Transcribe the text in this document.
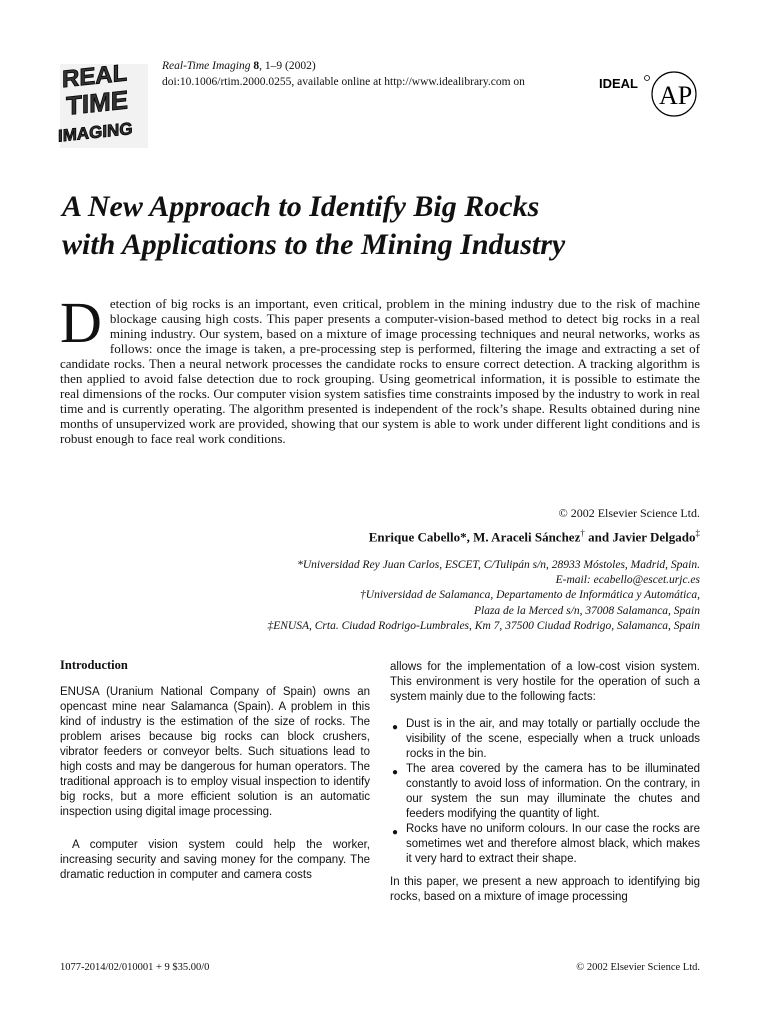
REAL
TIME
IMAGING
Real-Time Imaging 8, 1–9 (2002)
doi:10.1006/rtim.2000.0255, available online at http://www.idealibrary.com on	IDEAL AP
A New Approach to Identify Big Rocks
with Applications to the Mining Industry
Detection of big rocks is an important, even critical, problem in the mining industry due to the risk of machine blockage causing high costs. This paper presents a computer-vision-based method to detect big rocks in a real mining industry. Our system, based on a mixture of image processing techniques and neural networks, works as follows: once the image is taken, a pre-processing step is performed, filtering the image and extracting a set of candidate rocks. Then a neural network processes the candidate rocks to ensure correct detection. A tracking algorithm is then applied to avoid false detection due to rock grouping. Using geometrical information, it is possible to estimate the real dimensions of the rocks. Our computer vision system satisfies time constraints imposed by the industry to work in real time and is currently operating. The algorithm presented is independent of the rock’s shape. Results obtained during nine months of unsupervized work are provided, showing that our system is able to work under different light conditions and is robust enough to face real work conditions.
© 2002 Elsevier Science Ltd.
Enrique Cabello*, M. Araceli Sánchez† and Javier Delgado‡
*Universidad Rey Juan Carlos, ESCET, C/Tulipán s/n, 28933 Móstoles, Madrid, Spain.
E-mail: ecabello@escet.urjc.es
†Universidad de Salamanca, Departamento de Informática y Automática,
Plaza de la Merced s/n, 37008 Salamanca, Spain
‡ENUSA, Crta. Ciudad Rodrigo-Lumbrales, Km 7, 37500 Ciudad Rodrigo, Salamanca, Spain
Introduction

ENUSA (Uranium National Company of Spain) owns an opencast mine near Salamanca (Spain). A problem in this kind of industry is the estimation of the size of rocks. The problem arises because big rocks can block crushers, vibrator feeders or conveyor belts. Such situations lead to high costs and may be dangerous for human operators. The traditional approach is to employ visual inspection to identify big rocks, but a more efficient solution is an automatic inspection using digital image processing.

A computer vision system could help the worker, increasing security and saving money for the company. The dramatic reduction in computer and camera costs

allows for the implementation of a low-cost vision system. This environment is very hostile for the operation of such a system mainly due to the following facts:

● Dust is in the air, and may totally or partially occlude the visibility of the scene, especially when a truck unloads rocks in the bin.
● The area covered by the camera has to be illuminated constantly to avoid loss of information. On the contrary, in our system the sun may illuminate the chutes and feeders modifying the quantity of light.
● Rocks have no uniform colours. In our case the rocks are sometimes wet and therefore almost black, which makes it very hard to extract their shape.

In this paper, we present a new approach to identifying big rocks, based on a mixture of image processing

1077-2014/02/010001 + 9 $35.00/0	© 2002 Elsevier Science Ltd.
